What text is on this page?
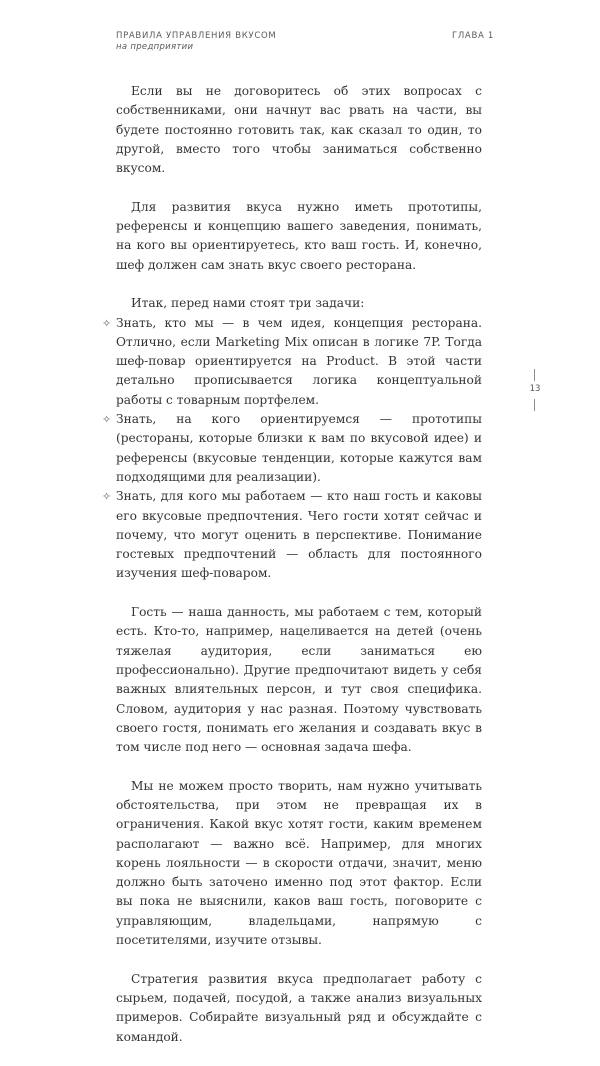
ПРАВИЛА УПРАВЛЕНИЯ ВКУСОМ
на предприятии
ГЛАВА 1

Если вы не договоритесь об этих вопросах с собственниками, они начнут вас рвать на части, вы будете постоянно готовить так, как сказал то один, то другой, вместо того чтобы заниматься собственно вкусом.

Для развития вкуса нужно иметь прототипы, референсы и концепцию вашего заведения, понимать, на кого вы ориентируетесь, кто ваш гость. И, конечно, шеф должен сам знать вкус своего ресторана.

Итак, перед нами стоят три задачи:

✧ Знать, кто мы — в чем идея, концепция ресторана. Отлично, если Marketing Mix описан в логике 7P. Тогда шеф-повар ориентируется на Product. В этой части детально прописывается логика концептуальной работы с товарным портфелем.
✧ Знать, на кого ориентируемся — прототипы (рестораны, которые близки к вам по вкусовой идее) и референсы (вкусовые тенденции, которые кажутся вам подходящими для реализации).
✧ Знать, для кого мы работаем — кто наш гость и каковы его вкусовые предпочтения. Чего гости хотят сейчас и почему, что могут оценить в перспективе. Понимание гостевых предпочтений — область для постоянного изучения шеф-поваром.

Гость — наша данность, мы работаем с тем, который есть. Кто-то, например, нацеливается на детей (очень тяжелая аудитория, если заниматься ею профессионально). Другие предпочитают видеть у себя важных влиятельных персон, и тут своя специфика. Словом, аудитория у нас разная. Поэтому чувствовать своего гостя, понимать его желания и создавать вкус в том числе под него — основная задача шефа.

Мы не можем просто творить, нам нужно учитывать обстоятельства, при этом не превращая их в ограничения. Какой вкус хотят гости, каким временем располагают — важно всё. Например, для многих корень лояльности — в скорости отдачи, значит, меню должно быть заточено именно под этот фактор. Если вы пока не выяснили, каков ваш гость, поговорите с управляющим, владельцами, напрямую с посетителями, изучите отзывы.

Стратегия развития вкуса предполагает работу с сырьем, подачей, посудой, а также анализ визуальных примеров. Собирайте визуальный ряд и обсуждайте с командой.

13
